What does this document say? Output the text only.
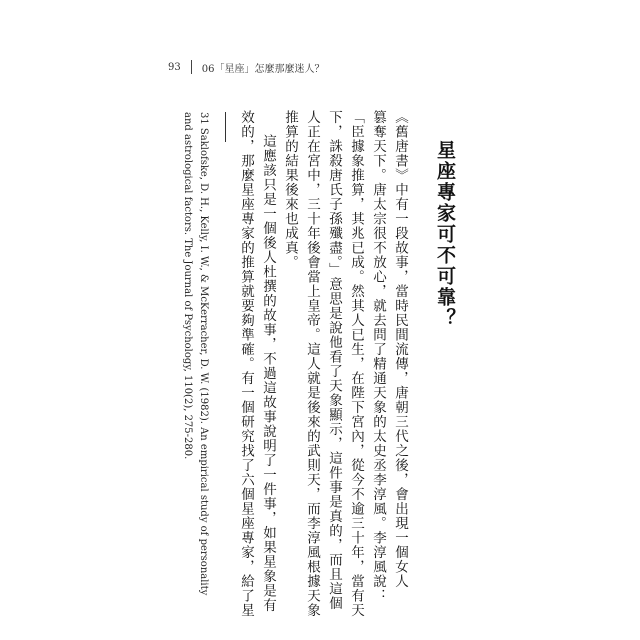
93 06「星座」怎麼那麼迷人？
星座專家可不可靠？
《舊唐書》中有一段故事，當時民間流傳，唐朝三代之後，會出現一個女人
篡奪天下。唐太宗很不放心，就去問了精通天象的太史丞李淳風。李淳風說：
「臣據象推算，其兆已成。然其人已生，在陛下宮內，從今不逾三十年，當有天
下，誅殺唐氏子孫殲盡。」意思是說他看了天象顯示，這件事是真的，而且這個
人正在宮中，三十年後會當上皇帝。這人就是後來的武則天，而李淳風根據天象
推算的結果後來也成真。
這應該只是一個後人杜撰的故事，不過這故事說明了一件事，如果星象是有
效的，那麼星座專家的推算就要夠準確。有一個研究找了六個星座專家，給了星
31 Saklofske, D. H., Kelly, I. W., & McKerracher, D. W. (1982). An empirical study of personality
and astrological factors. The Journal of Psychology, 110(2), 275-280.
